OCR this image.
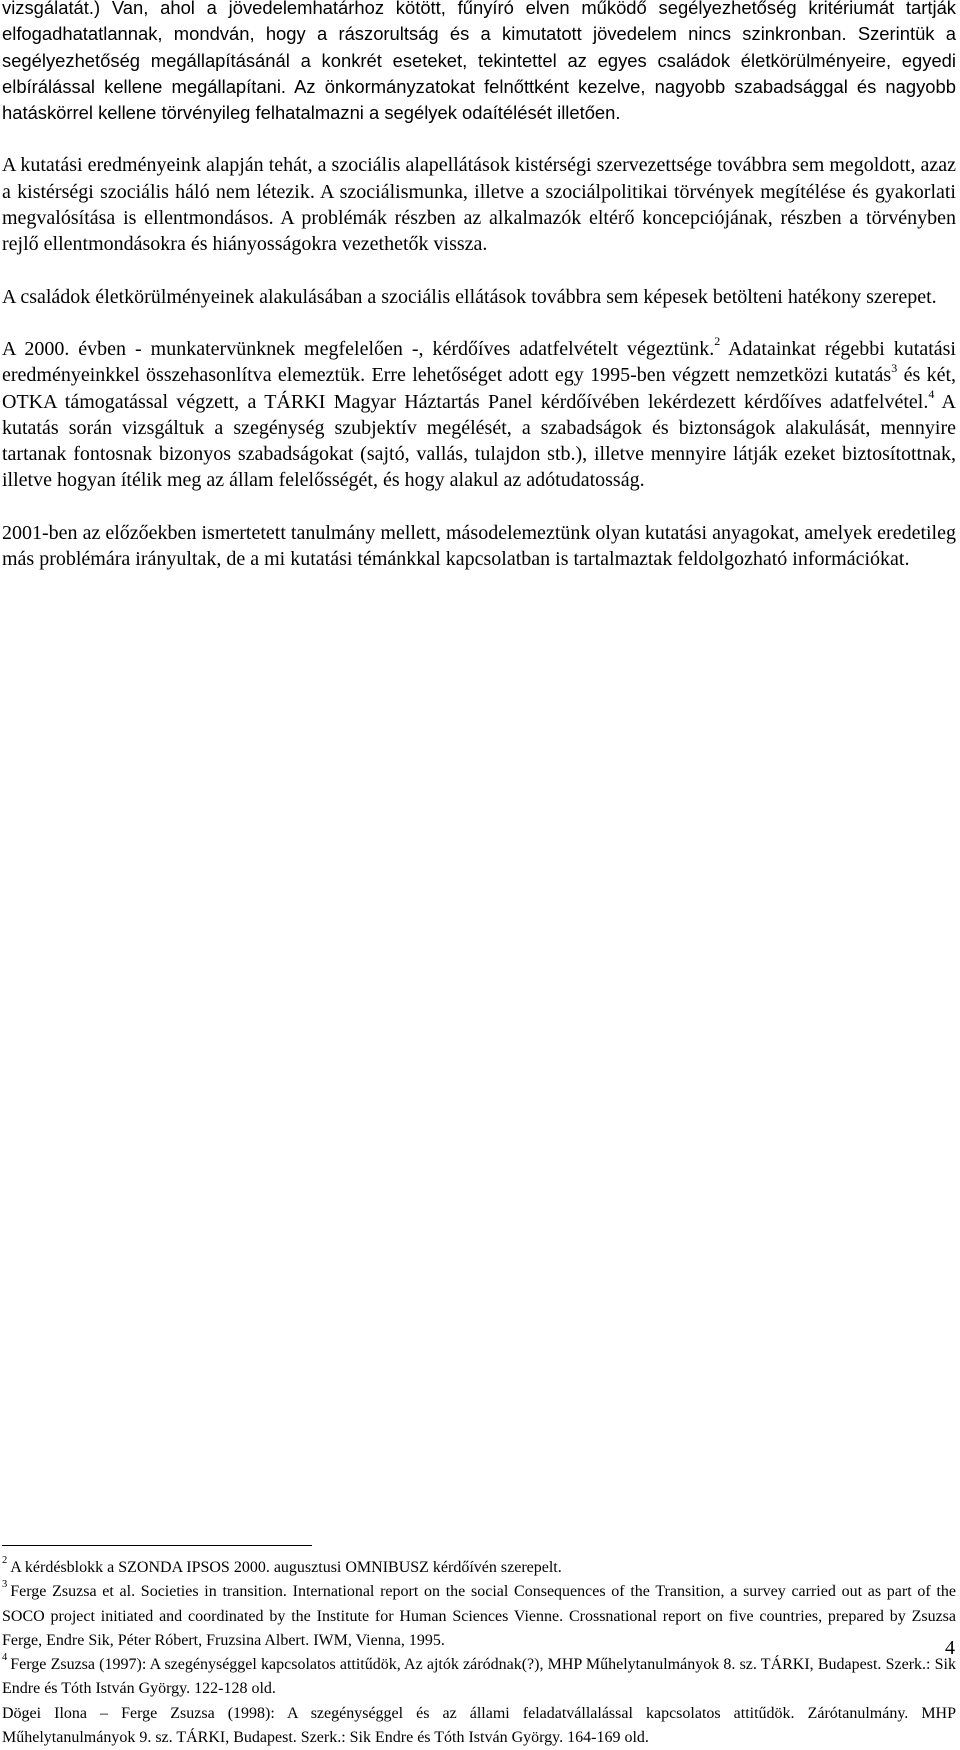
vizsgálatát.) Van, ahol a jövedelemhatárhoz kötött, fűnyíró elven működő segélyezhetőség kritériumát tartják elfogadhatatlannak, mondván, hogy a rászorultság és a kimutatott jövedelem nincs szinkronban. Szerintük a segélyezhetőség megállapításánál a konkrét eseteket, tekintettel az egyes családok életkörülményeire, egyedi elbírálással kellene megállapítani. Az önkormányzatokat felnőttként kezelve, nagyobb szabadsággal és nagyobb hatáskörrel kellene törvényileg felhatalmazni a segélyek odaítélését illetően.

A kutatási eredményeink alapján tehát, a szociális alapellátások kistérségi szervezettsége továbbra sem megoldott, azaz a kistérségi szociális háló nem létezik. A szociálismunka, illetve a szociálpolitikai törvények megítélése és gyakorlati megvalósítása is ellentmondásos. A problémák részben az alkalmazók eltérő koncepciójának, részben a törvényben rejlő ellentmondásokra és hiányosságokra vezethetők vissza.

A családok életkörülményeinek alakulásában a szociális ellátások továbbra sem képesek betölteni hatékony szerepet.

A 2000. évben - munkatervünknek megfelelően -, kérdőíves adatfelvételt végeztünk.$^2$ Adatainkat régebbi kutatási eredményeinkkel összehasonlítva elemeztük. Erre lehetőséget adott egy 1995-ben végzett nemzetközi kutatás$^3$ és két, OTKA támogatással végzett, a TÁRKI Magyar Háztartás Panel kérdőívében lekérdezett kérdőíves adatfelvétel.$^4$ A kutatás során vizsgáltuk a szegénység szubjektív megélését, a szabadságok és biztonságok alakulását, mennyire tartanak fontosnak bizonyos szabadságokat (sajtó, vallás, tulajdon stb.), illetve mennyire látják ezeket biztosítottnak, illetve hogyan ítélik meg az állam felelősségét, és hogy alakul az adótudatosság.

2001-ben az előzőekben ismertetett tanulmány mellett, másodelemeztünk olyan kutatási anyagokat, amelyek eredetileg más problémára irányultak, de a mi kutatási témánkkal kapcsolatban is tartalmaztak feldolgozható információkat.

$^2$ A kérdésblokk a SZONDA IPSOS 2000. augusztusi OMNIBUSZ kérdőívén szerepelt.

$^3$ Ferge Zsuzsa et al. Societies in transition. International report on the social Consequences of the Transition, a survey carried out as part of the SOCO project initiated and coordinated by the Institute for Human Sciences Vienne. Crossnational report on five countries, prepared by Zsuzsa Ferge, Endre Sik, Péter Róbert, Fruzsina Albert. IWM, Vienna, 1995.

$^4$ Ferge Zsuzsa (1997): A szegénységgel kapcsolatos attitűdök, Az ajtók záródnak(?), MHP Műhelytanulmányok 8. sz. TÁRKI, Budapest. Szerk.: Sik Endre és Tóth István György. 122-128 old.

Dögei Ilona – Ferge Zsuzsa (1998): A szegénységgel és az állami feladatvállalással kapcsolatos attitűdök. Zárótanulmány. MHP Műhelytanulmányok 9. sz. TÁRKI, Budapest. Szerk.: Sik Endre és Tóth István György. 164-169 old.

4
